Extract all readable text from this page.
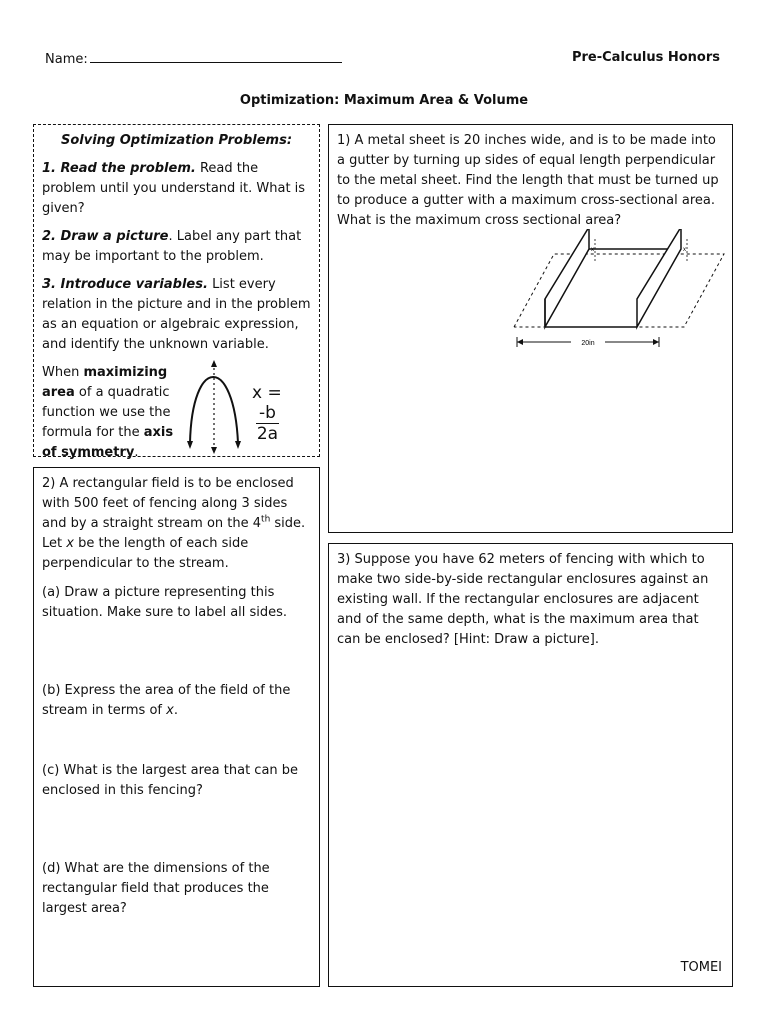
Name:	Pre-Calculus Honors
Optimization: Maximum Area & Volume
Solving Optimization Problems:

1. Read the problem. Read the problem until you understand it. What is given?

2. Draw a picture. Label any part that may be important to the problem.

3. Introduce variables. List every relation in the picture and in the problem as an equation or algebraic expression, and identify the unknown variable.

When maximizing area of a quadratic function we use the formula for the axis of symmetry.
x =
$\frac{-b}{2a}$

1) A metal sheet is 20 inches wide, and is to be made into a gutter by turning up sides of equal length perpendicular to the metal sheet. Find the length that must be turned up to produce a gutter with a maximum cross-sectional area. What is the maximum cross sectional area?

x	x
20in

2) A rectangular field is to be enclosed with 500 feet of fencing along 3 sides and by a straight stream on the 4th side. Let x be the length of each side perpendicular to the stream.

(a) Draw a picture representing this situation. Make sure to label all sides.
(b) Express the area of the field of the stream in terms of x.
(c) What is the largest area that can be enclosed in this fencing?
(d) What are the dimensions of the rectangular field that produces the largest area?

3) Suppose you have 62 meters of fencing with which to make two side-by-side rectangular enclosures against an existing wall. If the rectangular enclosures are adjacent and of the same depth, what is the maximum area that can be enclosed? [Hint: Draw a picture].

TOMEI
